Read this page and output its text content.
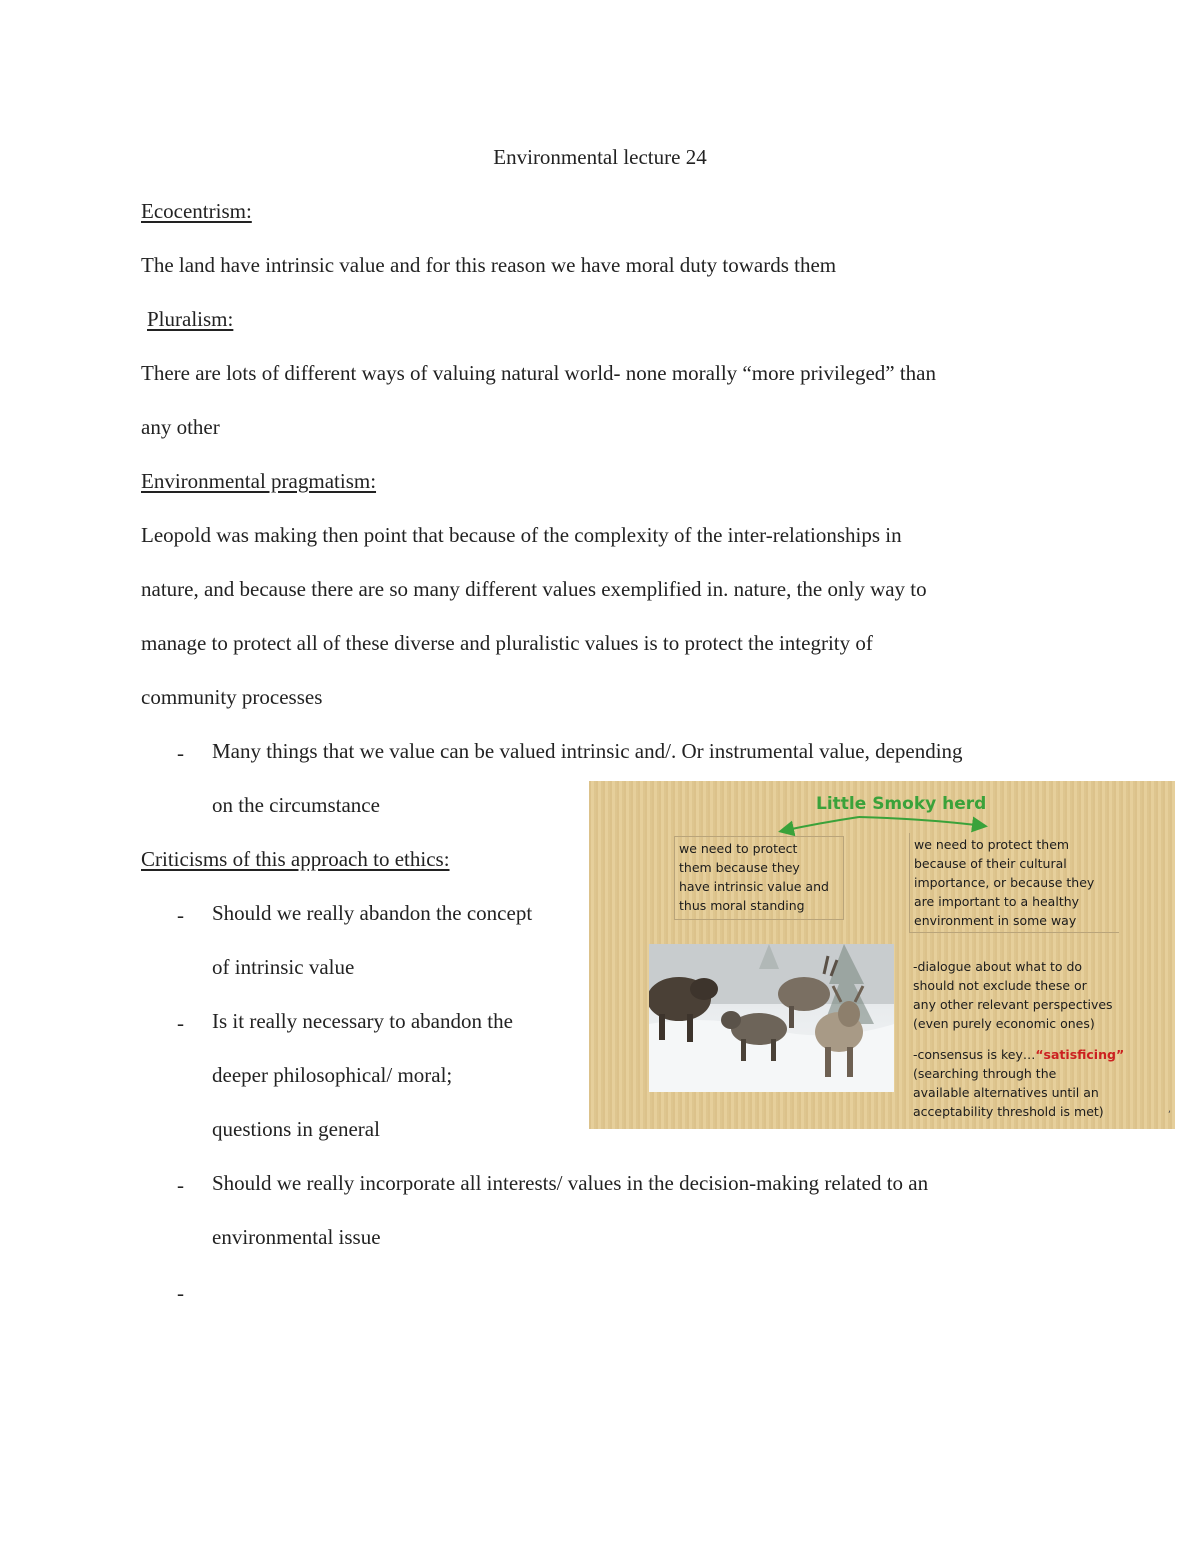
Environmental lecture 24
Ecocentrism:
The land have intrinsic value and for this reason we have moral duty towards them
Pluralism:
There are lots of different ways of valuing natural world- none morally “more privileged” than
any other
Environmental pragmatism:
Leopold was making then point that because of the complexity of the inter-relationships in
nature, and because there are so many different values exemplified in. nature, the only way to
manage to protect all of these diverse and pluralistic values is to protect the integrity of
community processes
- Many things that we value can be valued intrinsic and/. Or instrumental value, depending
on the circumstance
Criticisms of this approach to ethics:
- Should we really abandon the concept
of intrinsic value
- Is it really necessary to abandon the
deeper philosophical/ moral;
questions in general
- Should we really incorporate all interests/ values in the decision-making related to an
environmental issue
-
Little Smoky herd
we need to protect
them because they
have intrinsic value and
thus moral standing
we need to protect them
because of their cultural
importance, or because they
are important to a healthy
environment in some way
-dialogue about what to do
should not exclude these or
any other relevant perspectives
(even purely economic ones)
-consensus is key…“satisficing”
(searching through the
available alternatives until an
acceptability threshold is met)	,
